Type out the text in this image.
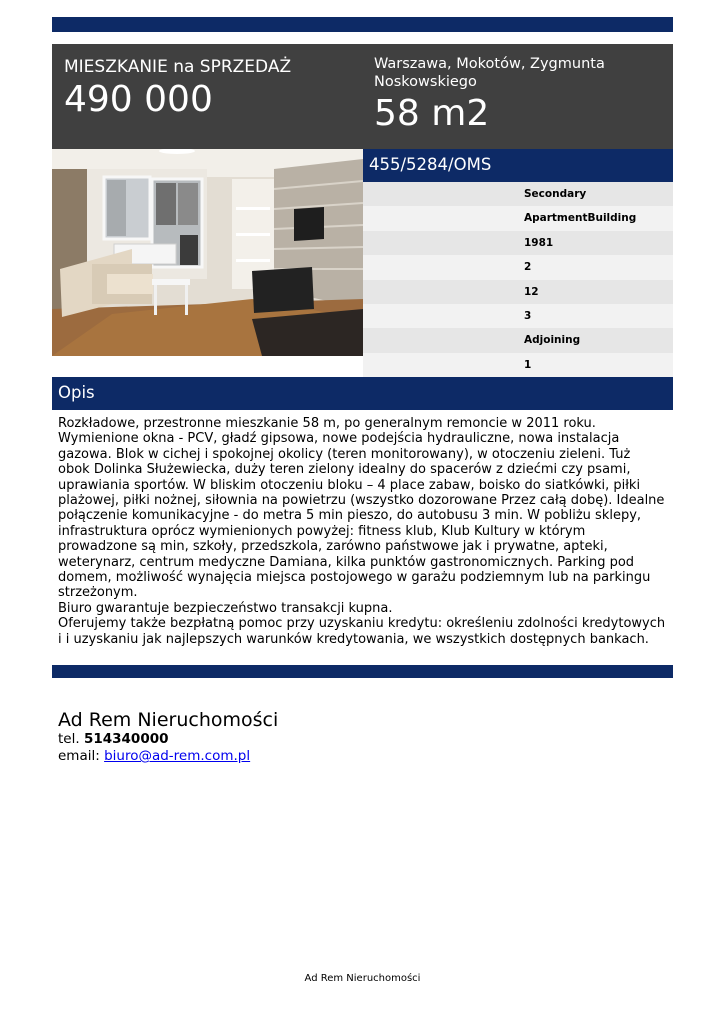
MIESZKANIE na SPRZEDAŻ
490 000
Warszawa, Mokotów, Zygmunta Noskowskiego
58 m2
455/5284/OMS
Secondary
ApartmentBuilding
1981
2
12
3
Adjoining
1
Opis
Rozkładowe, przestronne mieszkanie 58 m, po generalnym remoncie w 2011 roku. Wymienione okna - PCV, gładź gipsowa, nowe podejścia hydrauliczne, nowa instalacja gazowa. Blok w cichej i spokojnej okolicy (teren monitorowany), w otoczeniu zieleni. Tuż obok Dolinka Służewiecka, duży teren zielony idealny do spacerów z dziećmi czy psami, uprawiania sportów. W bliskim otoczeniu bloku – 4 place zabaw, boisko do siatkówki, piłki plażowej, piłki nożnej, siłownia na powietrzu (wszystko dozorowane Przez całą dobę). Idealne połączenie komunikacyjne - do metra 5 min pieszo, do autobusu 3 min. W pobliżu sklepy, infrastruktura oprócz wymienionych powyżej: fitness klub, Klub Kultury w którym prowadzone są min, szkoły, przedszkola, zarówno państwowe jak i prywatne, apteki, weterynarz, centrum medyczne Damiana, kilka punktów gastronomicznych. Parking pod domem, możliwość wynajęcia miejsca postojowego w garażu podziemnym lub na parkingu strzeżonym.
Biuro gwarantuje bezpieczeństwo transakcji kupna.
Oferujemy także bezpłatną pomoc przy uzyskaniu kredytu: określeniu zdolności kredytowych i i uzyskaniu jak najlepszych warunków kredytowania, we wszystkich dostępnych bankach.
Ad Rem Nieruchomości
tel. 514340000
email: biuro@ad-rem.com.pl
Ad Rem Nieruchomości
